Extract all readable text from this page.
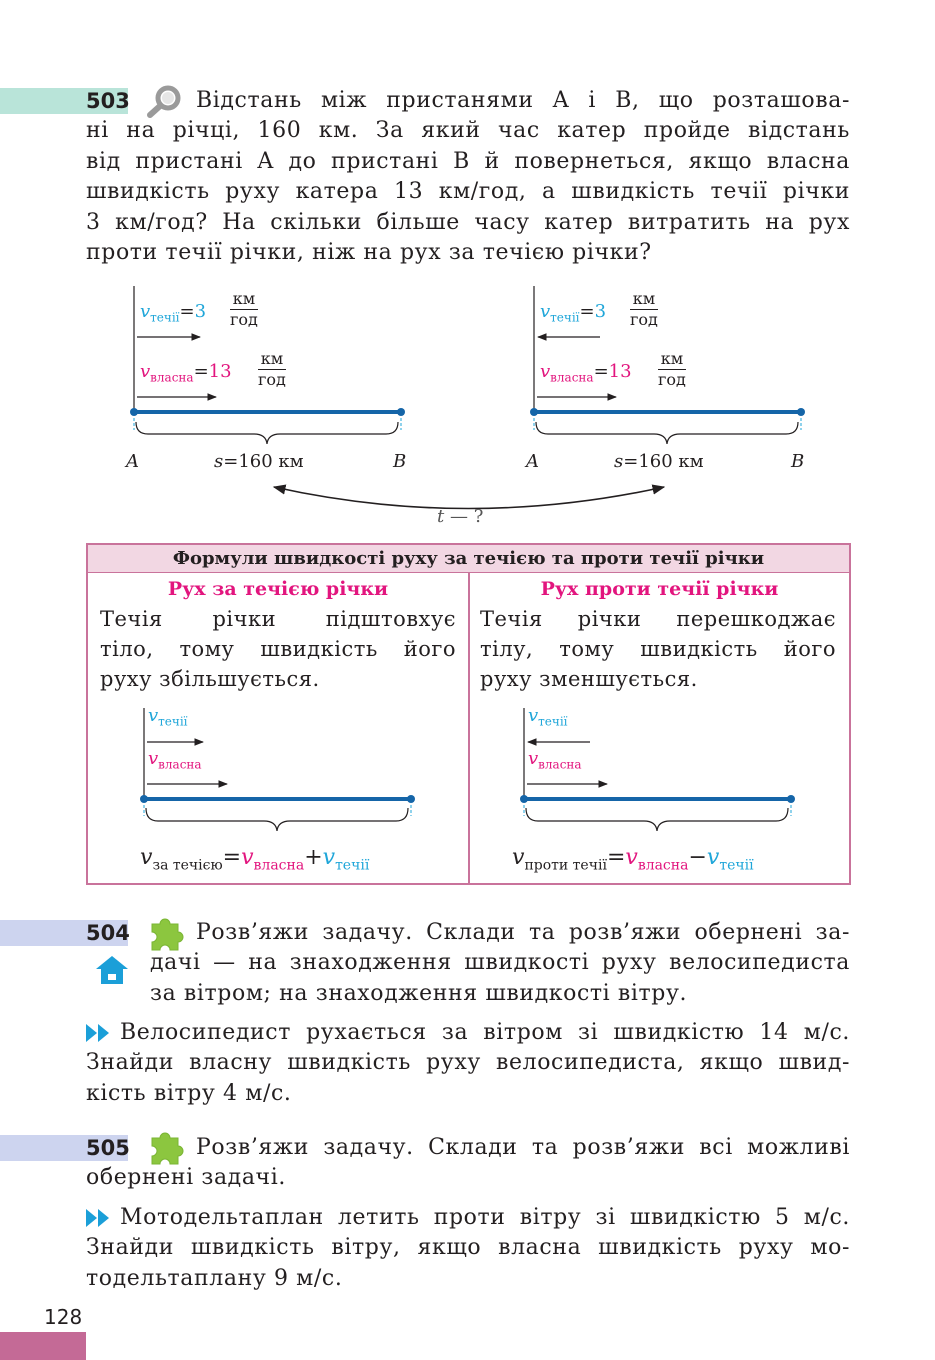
503	Відстань між пристанями A і B, що розташова-
ні на річці, 160 км. За який час катер пройде відстань
від пристані A до пристані B й повернеться, якщо власна
швидкість руху катера 13 км/год, а швидкість течії річки
3 км/год? На скільки більше часу катер витратить на рух
проти течії річки, ніж на рух за течією річки?
$v_{течії}=3$
км
год
$v_{власна}=13$
км
год
A	s=160 км	B
$v_{течії}=3$
км
год
$v_{власна}=13$
км
год
A	s=160 км	B
t — ?
Формули швидкості руху за течією та проти течії річки
Рух за течією річки
Течія річки підштовхує
тіло, тому швидкість його
руху збільшується.
Рух проти течії річки
Течія річки перешкоджає
тілу, тому швидкість його
руху зменшується.
$v_{течії}$
$v_{власна}$
$v_{течії}$
$v_{власна}$
$v_{за течією}=v_{власна}+v_{течії}$	$v_{проти течії}=v_{власна}-v_{течії}$
504	Розв’яжи задачу. Склади та розв’яжи обернені за-
дачі — на знаходження швидкості руху велосипедиста
за вітром; на знаходження швидкості вітру.
Велосипедист рухається за вітром зі швидкістю 14 м/с.
Знайди власну швидкість руху велосипедиста, якщо швид-
кість вітру 4 м/с.
505	Розв’яжи задачу. Склади та розв’яжи всі можливі
обернені задачі.
Мотодельтаплан летить проти вітру зі швидкістю 5 м/с.
Знайди швидкість вітру, якщо власна швидкість руху мо-
тодельтаплану 9 м/с.
128
